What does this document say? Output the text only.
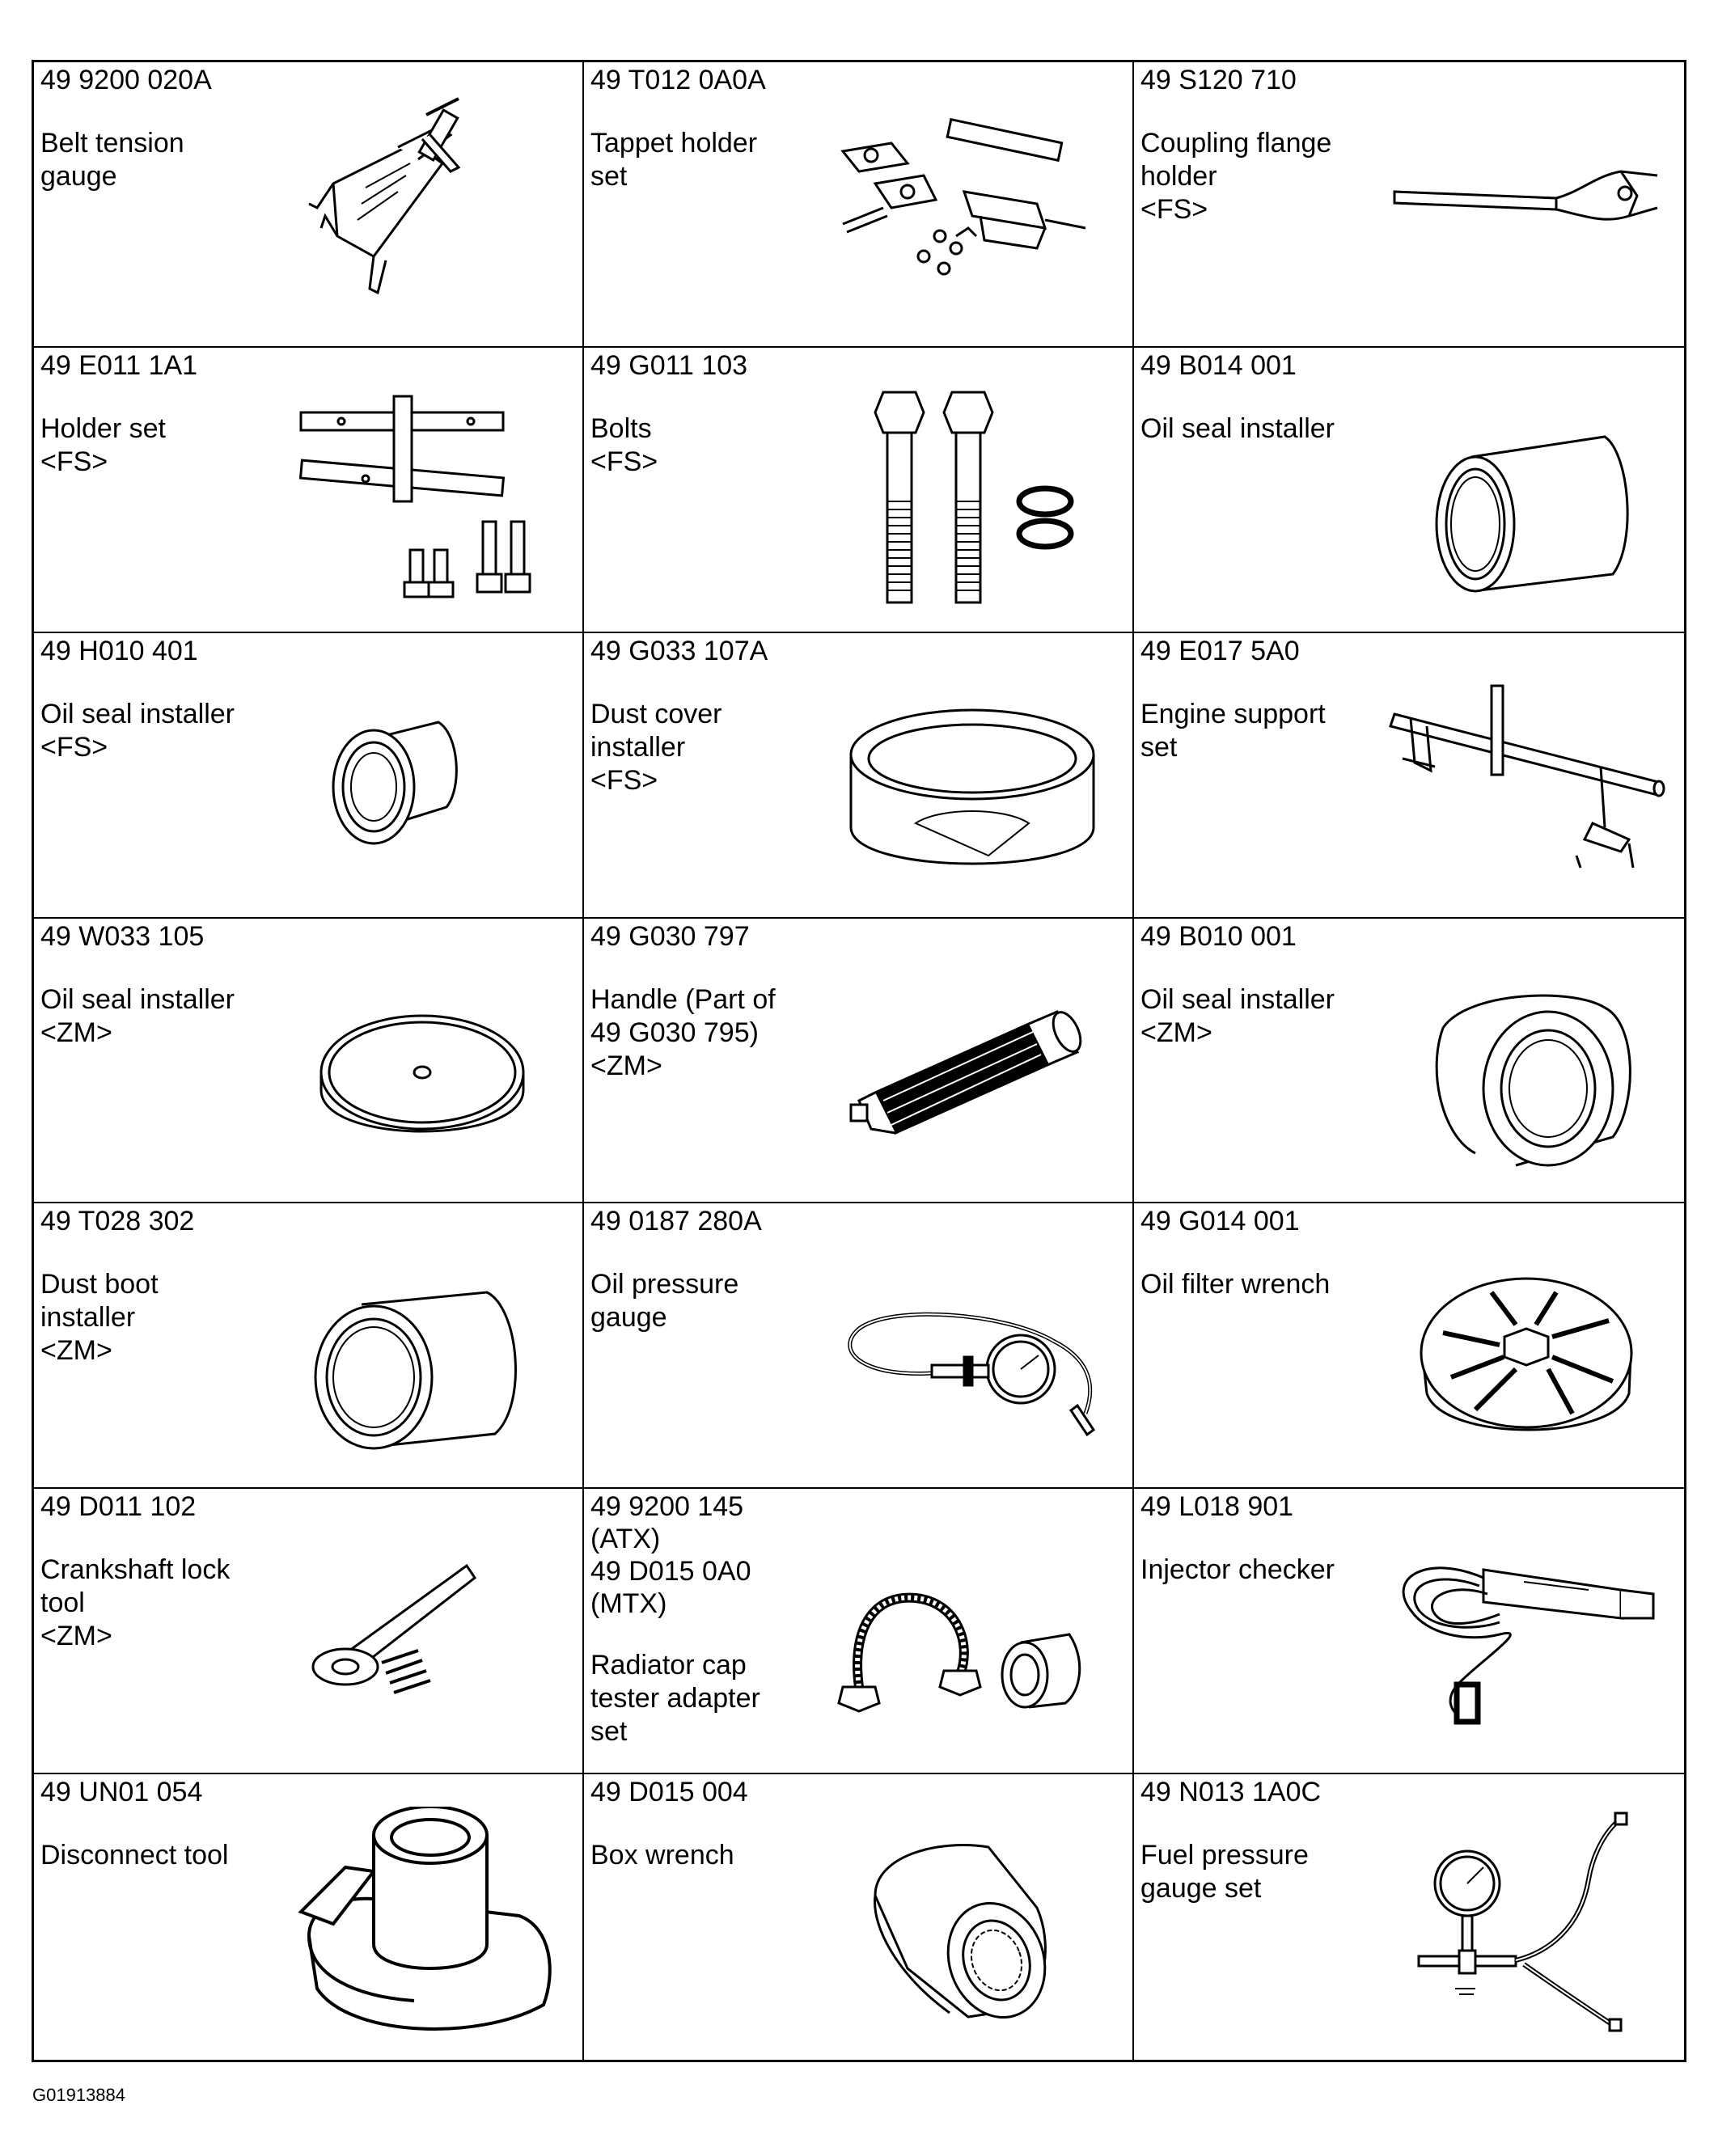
49 9200 020A
Belt tension
gauge
49 T012 0A0A
Tappet holder
set
49 S120 710
Coupling flange
holder
<FS>
49 E011 1A1
Holder set
<FS>
49 G011 103
Bolts
<FS>
49 B014 001
Oil seal installer
49 H010 401
Oil seal installer
<FS>
49 G033 107A
Dust cover
installer
<FS>
49 E017 5A0
Engine support
set
49 W033 105
Oil seal installer
<ZM>
49 G030 797
Handle (Part of
49 G030 795)
<ZM>
49 B010 001
Oil seal installer
<ZM>
49 T028 302
Dust boot
installer
<ZM>
49 0187 280A
Oil pressure
gauge
49 G014 001
Oil filter wrench
49 D011 102
Crankshaft lock
tool
<ZM>
49 9200 145
(ATX)
49 D015 0A0
(MTX)
Radiator cap
tester adapter
set
49 L018 901
Injector checker
49 UN01 054
Disconnect tool
49 D015 004
Box wrench
49 N013 1A0C
Fuel pressure
gauge set
G01913884
